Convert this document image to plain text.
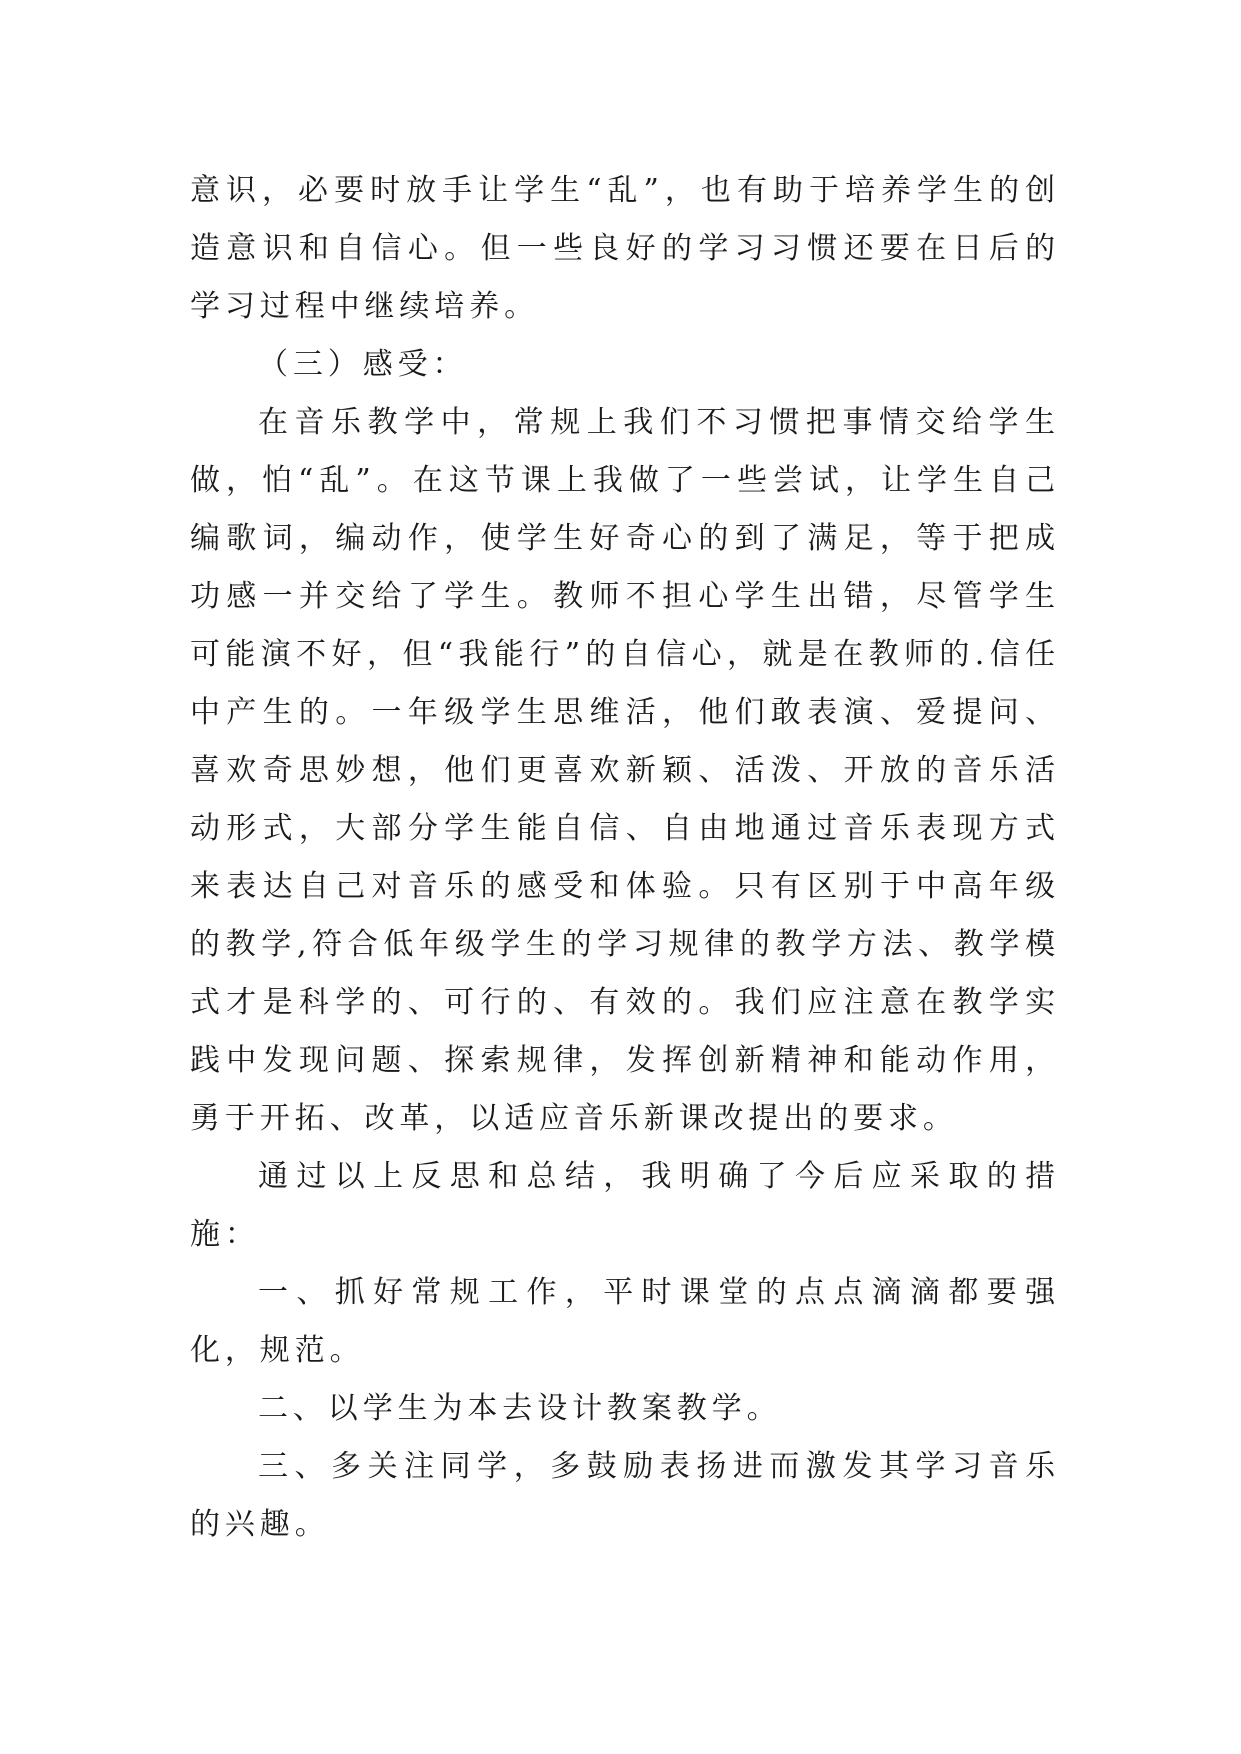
意识，必要时放手让学生“乱”，也有助于培养学生的创造意识和自信心。但一些良好的学习习惯还要在日后的学习过程中继续培养。

（三）感受：

在音乐教学中，常规上我们不习惯把事情交给学生做，怕“乱”。在这节课上我做了一些尝试，让学生自己编歌词，编动作，使学生好奇心的到了满足，等于把成功感一并交给了学生。教师不担心学生出错，尽管学生可能演不好，但“我能行”的自信心，就是在教师的.信任中产生的。一年级学生思维活，他们敢表演、爱提问、喜欢奇思妙想，他们更喜欢新颖、活泼、开放的音乐活动形式，大部分学生能自信、自由地通过音乐表现方式来表达自己对音乐的感受和体验。只有区别于中高年级的教学,符合低年级学生的学习规律的教学方法、教学模式才是科学的、可行的、有效的。我们应注意在教学实践中发现问题、探索规律，发挥创新精神和能动作用，勇于开拓、改革，以适应音乐新课改提出的要求。

通过以上反思和总结，我明确了今后应采取的措施：

一、抓好常规工作，平时课堂的点点滴滴都要强化，规范。

二、以学生为本去设计教案教学。

三、多关注同学，多鼓励表扬进而激发其学习音乐的兴趣。
